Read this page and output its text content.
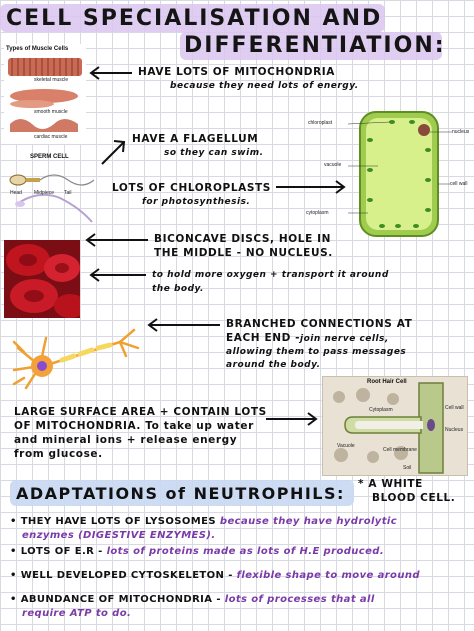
CELL SPECIALISATION AND
DIFFERENTIATION:
Types of Muscle Cells
skeletal muscle
smooth muscle
cardiac muscle
HAVE LOTS OF MITOCHONDRIA
because they need lots of energy.
SPERM CELL
Head Midpiece Tail
HAVE A FLAGELLUM
so they can swim.
chloroplast
nucleus
vacuole
cell wall
cytoplasm
LOTS OF CHLOROPLASTS
for photosynthesis.
BICONCAVE DISCS, HOLE IN
THE MIDDLE - NO NUCLEUS.
to hold more oxygen + transport it around
the body.
BRANCHED CONNECTIONS AT
EACH END - join nerve cells,
allowing them to pass messages
around the body.
Root Hair Cell
Cell wall
Cytoplasm
Nucleus
Vacuole
Cell membrane
Soil
LARGE SURFACE AREA + CONTAIN LOTS
OF MITOCHONDRIA. To take up water
and mineral ions + release energy
from glucose.
ADAPTATIONS of NEUTROPHILS: * A WHITE
BLOOD CELL.
• THEY HAVE LOTS OF LYSOSOMES because they have hydrolytic
enzymes (DIGESTIVE ENZYMES).
• LOTS OF E.R - lots of proteins made as lots of H.E produced.
• WELL DEVELOPED CYTOSKELETON - flexible shape to move around
• ABUNDANCE OF MITOCHONDRIA - lots of processes that all
require ATP to do.
